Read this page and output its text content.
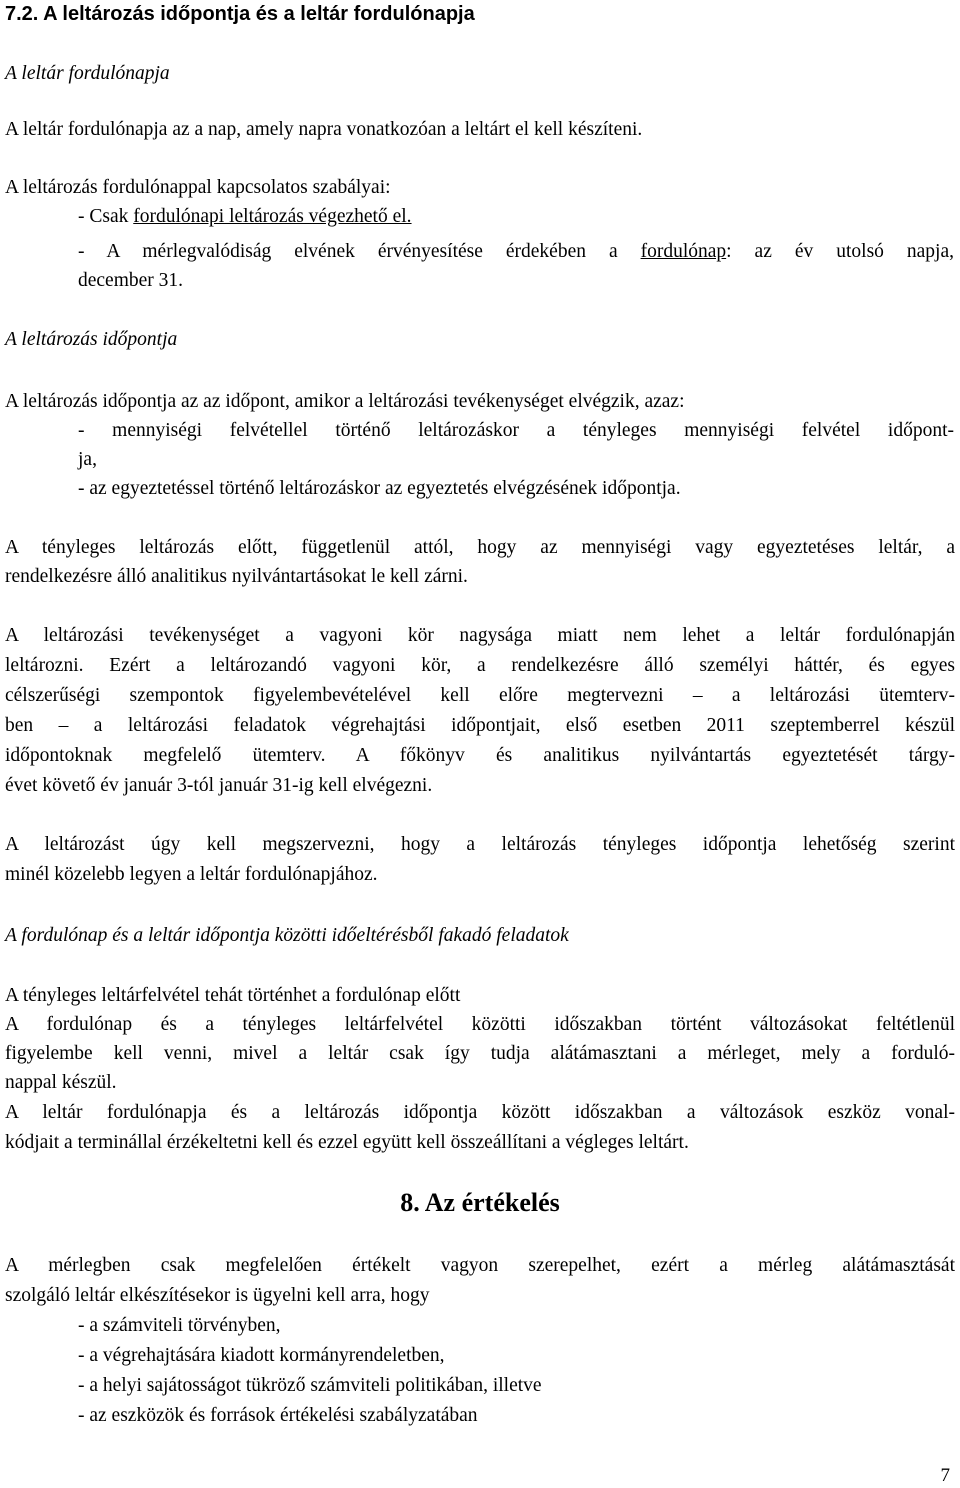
7.2. A leltározás időpontja és a leltár fordulónapja
A leltár fordulónapja
A leltár fordulónapja az a nap, amely napra vonatkozóan a leltárt el kell készíteni.
A leltározás fordulónappal kapcsolatos szabályai:
- Csak fordulónapi leltározás végezhető el.
- A mérlegvalódiság elvének érvényesítése érdekében a fordulónap: az év utolsó napja,
december 31.
A leltározás időpontja
A leltározás időpontja az az időpont, amikor a leltározási tevékenységet elvégzik, azaz:
- mennyiségi felvétellel történő leltározáskor a tényleges mennyiségi felvétel időpont-
ja,
- az egyeztetéssel történő leltározáskor az egyeztetés elvégzésének időpontja.
A tényleges leltározás előtt, függetlenül attól, hogy az mennyiségi vagy egyeztetéses leltár, a
rendelkezésre álló analitikus nyilvántartásokat le kell zárni.
A leltározási tevékenységet a vagyoni kör nagysága miatt nem lehet a leltár fordulónapján
leltározni. Ezért a leltározandó vagyoni kör, a rendelkezésre álló személyi háttér, és egyes
célszerűségi szempontok figyelembevételével kell előre megtervezni – a leltározási ütemterv-
ben – a leltározási feladatok végrehajtási időpontjait, első esetben 2011 szeptemberrel készül
időpontoknak megfelelő ütemterv. A főkönyv és analitikus nyilvántartás egyeztetését tárgy-
évet követő év január 3-tól január 31-ig kell elvégezni.
A leltározást úgy kell megszervezni, hogy a leltározás tényleges időpontja lehetőség szerint
minél közelebb legyen a leltár fordulónapjához.
A fordulónap és a leltár időpontja közötti időeltérésből fakadó feladatok
A tényleges leltárfelvétel tehát történhet a fordulónap előtt
A fordulónap és a tényleges leltárfelvétel közötti időszakban történt változásokat feltétlenül
figyelembe kell venni, mivel a leltár csak így tudja alátámasztani a mérleget, mely a forduló-
nappal készül.
A leltár fordulónapja és a leltározás időpontja között időszakban a változások eszköz vonal-
kódjait a terminállal érzékeltetni kell és ezzel együtt kell összeállítani a végleges leltárt.
8. Az értékelés
A mérlegben csak megfelelően értékelt vagyon szerepelhet, ezért a mérleg alátámasztását
szolgáló leltár elkészítésekor is ügyelni kell arra, hogy
- a számviteli törvényben,
- a végrehajtására kiadott kormányrendeletben,
- a helyi sajátosságot tükröző számviteli politikában, illetve
- az eszközök és források értékelési szabályzatában
7
